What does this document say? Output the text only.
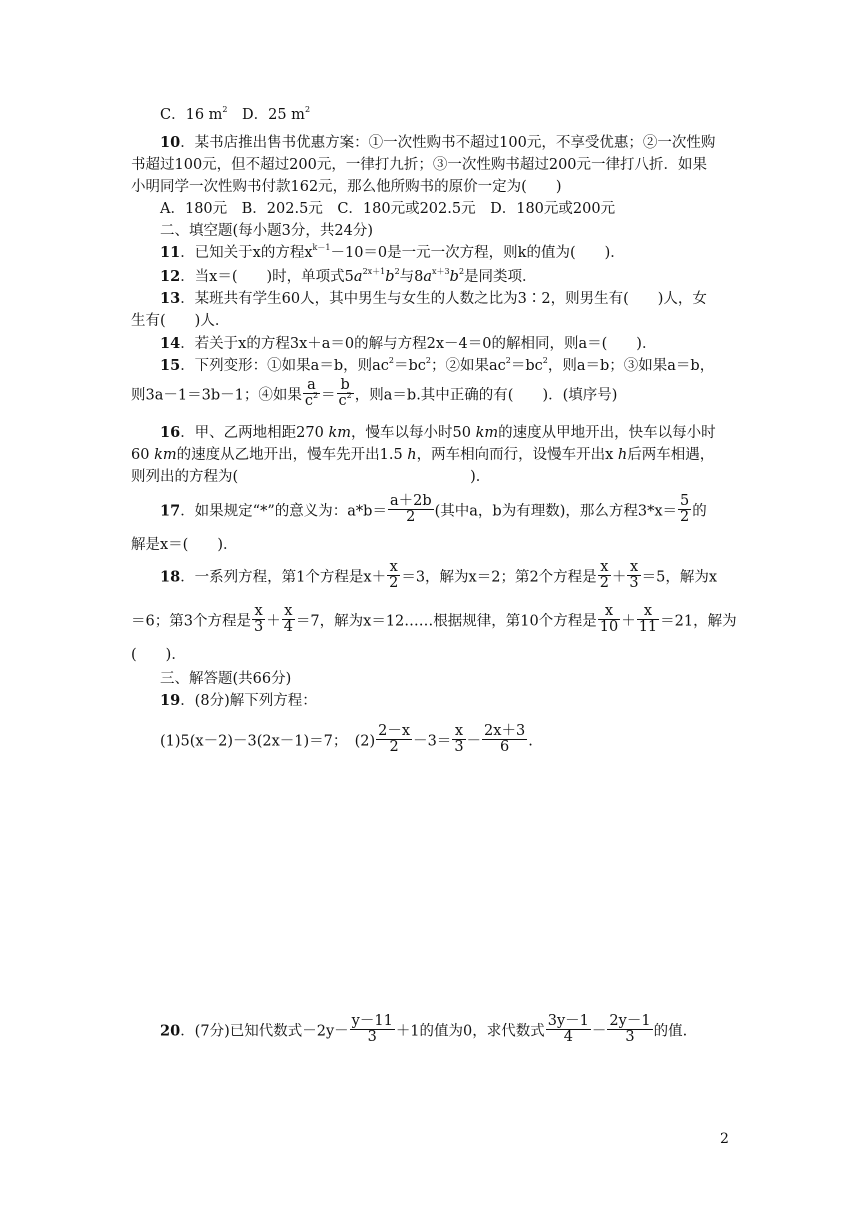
C．16 $m^2$　 D．25 $m^2$
10．某书店推出售书优惠方案：①一次性购书不超过100元，不享受优惠；②一次性购
书超过100元，但不超过200元，一律打九折；③一次性购书超过200元一律打八折．如果
小明同学一次性购书付款162元，那么他所购书的原价一定为(　　)
A．180元　B．202.5元　C．180元或202.5元　D．180元或200元
二、填空题(每小题3分，共24分)
11．已知关于x的方程$x^{k-1}-10=0$是一元一次方程，则k的值为(　　)．
12．当x＝(　　)时，单项式$5a^{2x+1}b^2$与$8a^{x+3}b^2$是同类项．
13．某班共有学生60人，其中男生与女生的人数之比为3∶2，则男生有(　　)人，女
生有(　　)人．
14．若关于x的方程3x＋a＝0的解与方程2x－4＝0的解相同，则a＝(　　)．
15．下列变形：①如果a＝b，则$ac^2=bc^2$；②如果$ac^2=bc^2$，则a＝b；③如果a＝b，
则3a－1＝3b－1；④如果 $\frac{a}{c^2} = \frac{b}{c^2}$ ，则a＝b.其中正确的有(　　)．(填序号)
16．甲、乙两地相距270 km，慢车以每小时50 km的速度从甲地开出，快车以每小时
60 km的速度从乙地开出，慢车先开出1.5 h，两车相向而行，设慢车开出x h后两车相遇，
则列出的方程为(　　　　　　　　　　　　　　　　)．
17．如果规定“*”的意义为：$a*b= \frac{a+2b}{2}$ (其中a，b为有理数)，那么方程$3*x= \frac{5}{2}$ 的
解是x＝(　　)．
18．一系列方程，第1个方程是$x+ \frac{x}{2} =3$，解为x＝2；第2个方程是 $\frac{x}{2} + \frac{x}{3} =5$，解为x
＝6；第3个方程是 $\frac{x}{3} + \frac{x}{4} =7$，解为x＝12……根据规律，第10个方程是 $\frac{x}{10} + \frac{x}{11} =21$，解为
(　　)．
三、解答题(共66分)
19．(8分)解下列方程：
(1)5(x－2)－3(2x－1)＝7；　$(2) \frac{2-x}{2} -3= \frac{x}{3} - \frac{2x+3}{6}$ .
20．(7分)已知代数式$-2y- \frac{y-11}{3} +1$的值为0，求代数式 $\frac{3y-1}{4} - \frac{2y-1}{3}$ 的值.
2
